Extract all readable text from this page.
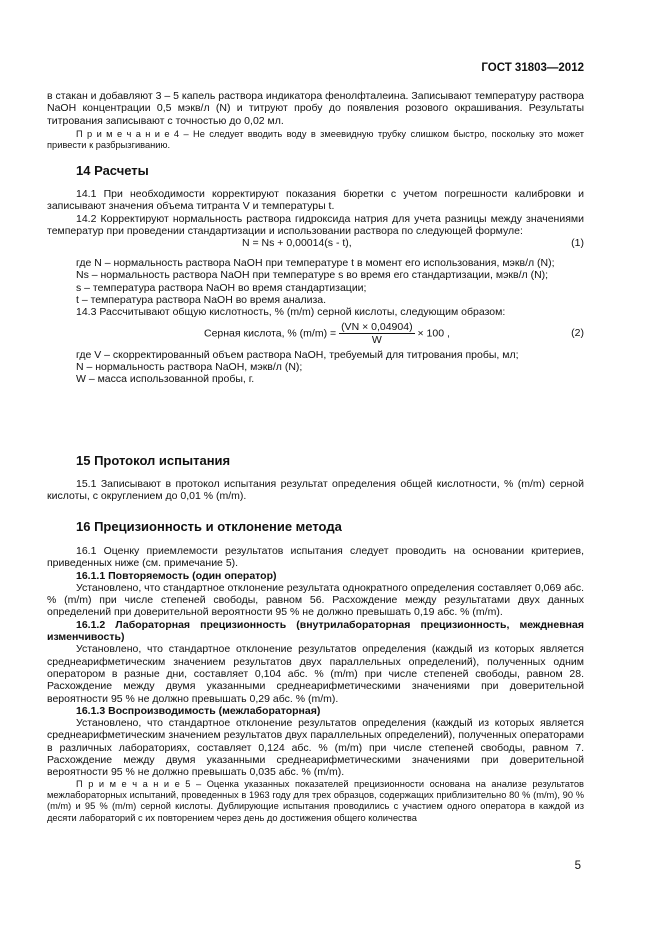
ГОСТ 31803—2012

в стакан и добавляют 3 – 5 капель раствора индикатора фенолфталеина. Записывают температуру раствора NaOH концентрации 0,5 мэкв/л (N) и титруют пробу до появления розового окрашивания. Результаты титрования записывают с точностью до 0,02 мл.

П р и м е ч а н и е 4 – Не следует вводить воду в змеевидную трубку слишком быстро, поскольку это может привести к разбрызгиванию.

14 Расчеты

14.1 При необходимости корректируют показания бюретки с учетом погрешности калибровки и записывают значения объема титранта V и температуры t.

14.2 Корректируют нормальность раствора гидроксида натрия для учета разницы между значениями температур при проведении стандартизации и использовании раствора по следующей формуле:

N = Ns + 0,00014(s - t),	(1)

где N – нормальность раствора NaOH при температуре t в момент его использования, мэкв/л (N);

Ns – нормальность раствора NaOH при температуре s во время его стандартизации, мэкв/л (N);

s – температура раствора NaOH во время стандартизации;

t – температура раствора NaOH во время анализа.

14.3 Рассчитывают общую кислотность, % (m/m) серной кислоты, следующим образом:

Серная кислота, % $(m/m) = \frac{(VN \times 0,04904)}{W} \times 100$ ,	(2)

где V – скорректированный объем раствора NaOH, требуемый для титрования пробы, мл;

N – нормальность раствора NaOH, мэкв/л (N);

W – масса использованной пробы, г.

15 Протокол испытания

15.1 Записывают в протокол испытания результат определения общей кислотности, % (m/m) серной кислоты, с округлением до 0,01 % (m/m).

16 Прецизионность и отклонение метода

16.1 Оценку приемлемости результатов испытания следует проводить на основании критериев, приведенных ниже (см. примечание 5).

16.1.1 Повторяемость (один оператор)

Установлено, что стандартное отклонение результата однократного определения составляет 0,069 абс. % (m/m) при числе степеней свободы, равном 56. Расхождение между результатами двух данных определений при доверительной вероятности 95 % не должно превышать 0,19 абс. % (m/m).

16.1.2 Лабораторная прецизионность (внутрилабораторная прецизионность, междневная изменчивость)

Установлено, что стандартное отклонение результатов определения (каждый из которых является среднеарифметическим значением результатов двух параллельных определений), полученных одним оператором в разные дни, составляет 0,104 абс. % (m/m) при числе степеней свободы, равном 28. Расхождение между двумя указанными среднеарифметическими значениями при доверительной вероятности 95 % не должно превышать 0,29 абс. % (m/m).

16.1.3 Воспроизводимость (межлабораторная)

Установлено, что стандартное отклонение результатов определения (каждый из которых является среднеарифметическим значением результатов двух параллельных определений), полученных операторами в различных лабораториях, составляет 0,124 абс. % (m/m) при числе степеней свободы, равном 7. Расхождение между двумя указанными среднеарифметическими значениями при доверительной вероятности 95 % не должно превышать 0,035 абс. % (m/m).

П р и м е ч а н и е 5 – Оценка указанных показателей прецизионности основана на анализе результатов межлабораторных испытаний, проведенных в 1963 году для трех образцов, содержащих приблизительно 80 % (m/m), 90 % (m/m) и 95 % (m/m) серной кислоты. Дублирующие испытания проводились с участием одного оператора в каждой из десяти лабораторий с их повторением через день до достижения общего количества

5
